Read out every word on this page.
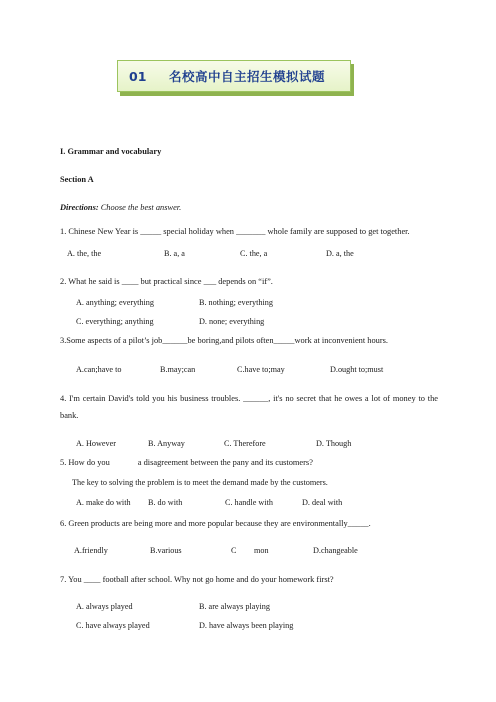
01	名校高中自主招生模拟试题
I. Grammar and vocabulary
Section A
Directions: Choose the best answer.
1. Chinese New Year is _____ special holiday when _______ whole family are supposed to get together.
A. the, the	B. a, a	C. the, a	D. a, the
2. What he said is ____ but practical since ___ depends on “if”.
A. anything; everything	B. nothing; everything
C. everything; anything	D. none; everything
3.Some aspects of a pilot’s job______be boring,and pilots often_____work at inconvenient hours.
A.can;have to	B.may;can	C.have to;may	D.ought to;must
4. I'm certain David's told you his business troubles. ______, it's no secret that he owes a lot of money to the bank.
A. However	B. Anyway	C. Therefore	D. Though
5. How do you	a disagreement between the pany and its customers?
The key to solving the problem is to meet the demand made by the customers.
A. make do with B. do with	C. handle with	D. deal with
6. Green products are being more and more popular because they are environmentally_____.
A.friendly	B.various	C mon	D.changeable
7. You ____ football after school. Why not go home and do your homework first?
A. always played	B. are always playing
C. have always played	D. have always been playing
